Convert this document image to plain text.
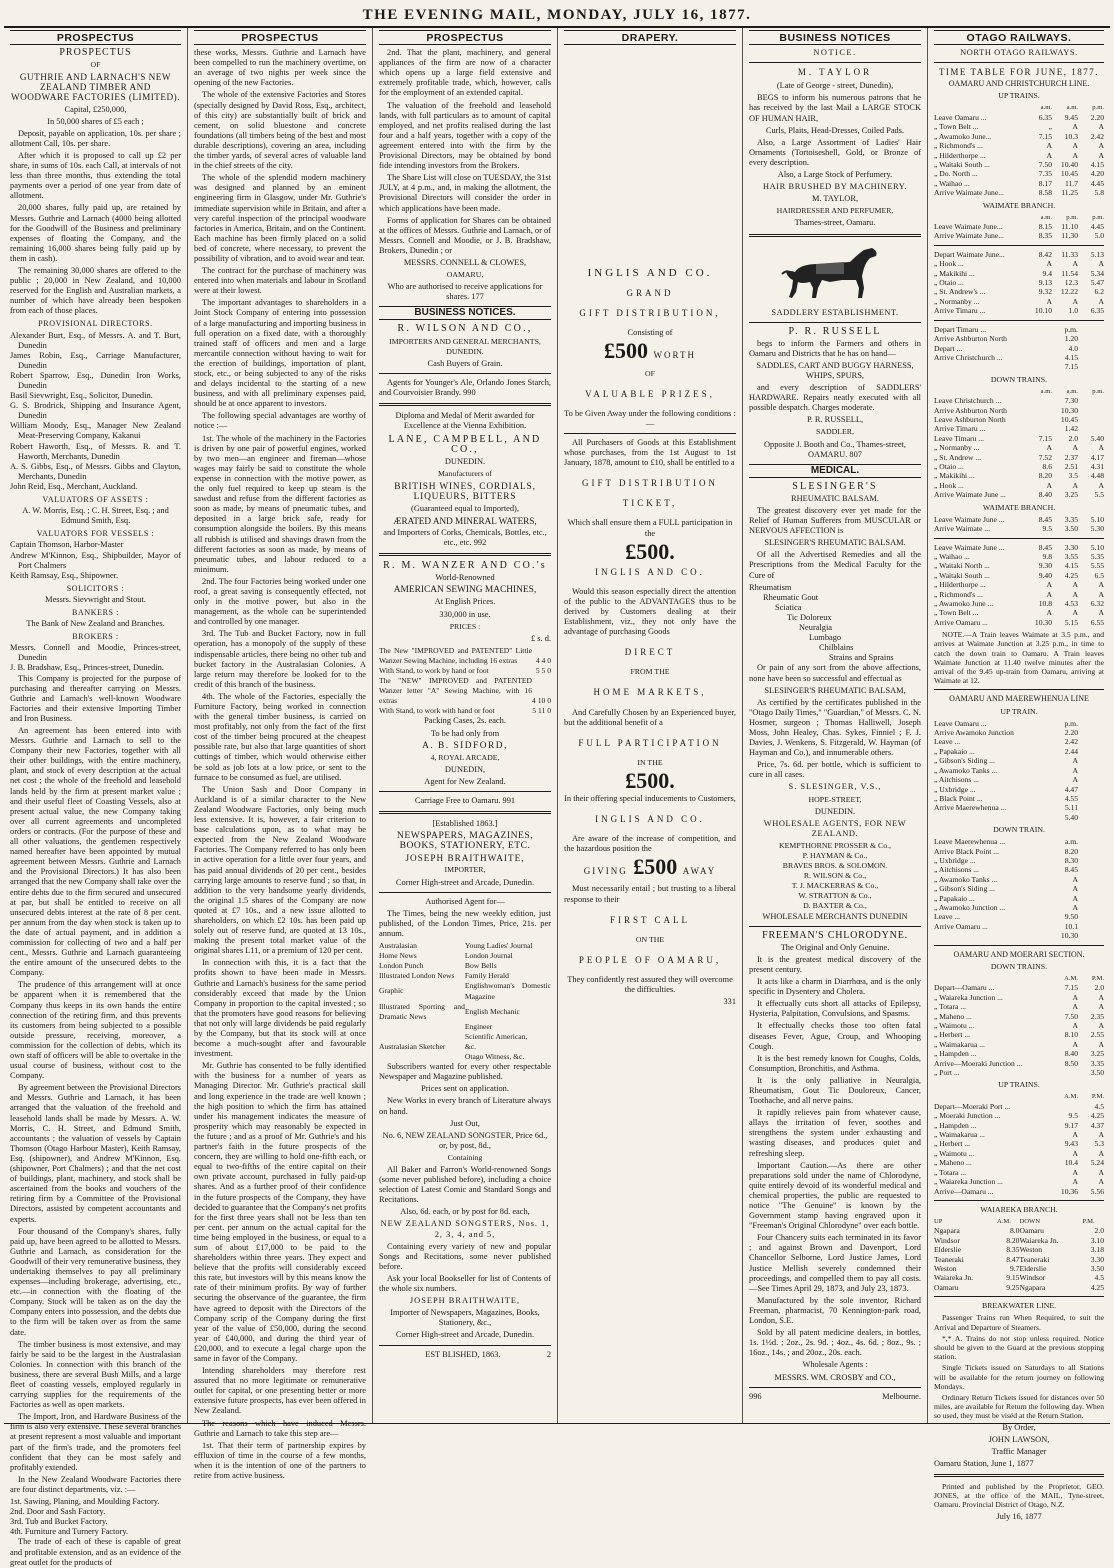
THE EVENING MAIL, MONDAY, JULY 16, 1877.
PROSPECTUS

PROSPECTUS

OF

GUTHRIE AND LARNACH'S NEW ZEALAND TIMBER AND WOODWARE FACTORIES (LIMITED).

Capital, £250,000,

In 50,000 shares of £5 each ;

Deposit, payable on application, 10s. per share ; allotment Call, 10s. per share.

After which it is proposed to call up £2 per share, in sums of 10s. each Call, at intervals of not less than three months, thus extending the total payments over a period of one year from date of allotment.

20,000 shares, fully paid up, are retained by Messrs. Guthrie and Larnach (4000 being allotted for the Goodwill of the Business and preliminary expenses of floating the Company, and the remaining 16,000 shares being fully paid up by them in cash).

The remaining 30,000 shares are offered to the public ; 20,000 in New Zealand, and 10,000 reserved for the English and Australian markets, a number of which have already been bespoken from each of those places.

PROVISIONAL DIRECTORS.

Alexander Burt, Esq., of Messrs. A. and T. Burt, Dunedin

James Robin, Esq., Carriage Manufacturer, Dunedin

Robert Sparrow, Esq., Dunedin Iron Works, Dunedin

Basil Sievwright, Esq., Solicitor, Dunedin.

G. S. Brodrick, Shipping and Insurance Agent, Dunedin

William Moody, Esq., Manager New Zealand Meat-Preserving Company, Kakanui

Robert Haworth, Esq., of Messrs. R. and T. Haworth, Merchants, Dunedin

A. S. Gibbs, Esq., of Messrs. Gibbs and Clayton, Merchants, Dunedin

John Reid, Esq., Merchant, Auckland.

VALUATORS OF ASSETS :

A. W. Morris, Esq. ; C. H. Street, Esq. ; and Edmund Smith, Esq.

VALUATORS FOR VESSELS :

Captain Thomson, Harbor-Master

Andrew M'Kinnon, Esq., Shipbuilder, Mayor of Port Chalmers

Keith Ramsay, Esq., Shipowner.

SOLICITORS :

Messrs. Sievwright and Stout.

BANKERS :

The Bank of New Zealand and Branches.

BROKERS :

Messrs. Connell and Moodie, Princes-street, Dunedin

J. B. Bradshaw, Esq., Princes-street, Dunedin.

This Company is projected for the purpose of purchasing and thereafter carrying on Messrs. Guthrie and Larnach's well-known Woodware Factories and their extensive Importing Timber and Iron Business.

An agreement has been entered into with Messrs. Guthrie and Larnach to sell to the Company their new Factories, together with all their other buildings, with the entire machinery, plant, and stock of every description at the actual net cost ; the whole of the freehold and leasehold lands held by the firm at present market value ; and their useful fleet of Coasting Vessels, also at present actual value, the new Company taking over all current agreements and uncompleted orders or contracts. (For the purpose of these and all other valuations, the gentlemen respectively named hereafter have been appointed by mutual agreement between Messrs. Guthrie and Larnach and the Provisional Directors.) It has also been arranged that the new Company shall take over the entire debts due to the firm secured and unsecured at par, but shall be entitled to receive on all unsecured debts interest at the rate of 8 per cent. per annum from the day when stock is taken up to the date of actual payment, and in addition a commission for collecting of two and a half per cent., Messrs. Guthrie and Larnach guaranteeing the entire amount of the unsecured debts to the Company.

The prudence of this arrangement will at once be apparent when it is remembered that the Company thus keeps in its own hands the entire connection of the retiring firm, and thus prevents its customers from being subjected to a possible outside pressure, receiving, moreover, a commission for the collection of debts, which its own staff of officers will be able to overtake in the usual course of business, without cost to the Company.

By agreement between the Provisional Directors and Messrs. Guthrie and Larnach, it has been arranged that the valuation of the freehold and leasehold lands shall be made by Messrs. A. W. Morris, C. H. Street, and Edmund Smith, accountants ; the valuation of vessels by Captain Thomson (Otago Harbour Master), Keith Ramsay, Esq. (shipowner), and Andrew M'Kinnon, Esq. (shipowner, Port Chalmers) ; and that the net cost of buildings, plant, machinery, and stock shall be ascertained from the books and vouchers of the retiring firm by a Committee of the Provisional Directors, assisted by competent accountants and experts.

Four thousand of the Company's shares, fully paid up, have been agreed to be allotted to Messrs. Guthrie and Larnach, as consideration for the Goodwill of their very remunerative business, they undertaking themselves to pay all preliminary expenses—including brokerage, advertising, etc., etc.—in connection with the floating of the Company. Stock will be taken as on the day the Company enters into possession, and the debts due to the firm will be taken over as from the same date.

The timber business is most extensive, and may fairly be said to be the largest in the Australasian Colonies. In connection with this branch of the business, there are several Bush Mills, and a large fleet of coasting vessels, employed regularly in carrying supplies for the requirements of the Factories as well as open markets.

The Import, Iron, and Hardware Business of the firm is also very extensive. These several branches at present represent a most valuable and important part of the firm's trade, and the promoters feel confident that they can be most safely and profitably extended.

In the New Zealand Woodware Factories there are four distinct departments, viz. :—

1st. Sawing, Planing, and Moulding Factory.

2nd. Door and Sash Factory.

3rd. Tub and Bucket Factory.

4th. Furniture and Turnery Factory.

The trade of each of these is capable of great and profitable extension, and as an evidence of the great outlet for the products of

PROSPECTUS

these works, Messrs. Guthrie and Larnach have been compelled to run the machinery overtime, on an average of two nights per week since the opening of the new Factories.

The whole of the extensive Factories and Stores (specially designed by David Ross, Esq., architect, of this city) are substantially built of brick and cement, on solid bluestone and concrete foundations (all timbers being of the best and most durable descriptions), covering an area, including the timber yards, of several acres of valuable land in the chief streets of the city.

The whole of the splendid modern machinery was designed and planned by an eminent engineering firm in Glasgow, under Mr. Guthrie's immediate supervision while in Britain, and after a very careful inspection of the principal woodware factories in America, Britain, and on the Continent. Each machine has been firmly placed on a solid bed of concrete, where necessary, to prevent the possibility of vibration, and to avoid wear and tear.

The contract for the purchase of machinery was entered into when materials and labour in Scotland were at their lowest.

The important advantages to shareholders in a Joint Stock Company of entering into possession of a large manufacturing and importing business in full operation on a fixed date, with a thoroughly trained staff of officers and men and a large mercantile connection without having to wait for the erection of buildings, importation of plant, stock, etc., or being subjected to any of the risks and delays incidental to the starting of a new business, and with all preliminary expenses paid, should be at once apparent to investors.

The following special advantages are worthy of notice :—

1st. The whole of the machinery in the Factories is driven by one pair of powerful engines, worked by two men—an engineer and fireman—whose wages may fairly be said to constitute the whole expense in connection with the motive power, as the only fuel required to keep up steam is the sawdust and refuse from the different factories as soon as made, by means of pneumatic tubes, and deposited in a large brick safe, ready for consumption alongside the boilers. By this means all rubbish is utilised and shavings drawn from the different factories as soon as made, by means of pneumatic tubes, and labour reduced to a minimum.

2nd. The four Factories being worked under one roof, a great saving is consequently effected, not only in the motive power, but also in the management, as the whole can be superintended and controlled by one manager.

3rd. The Tub and Bucket Factory, now in full operation, has a monopoly of the supply of these indispensable articles, there being no other tub and bucket factory in the Australasian Colonies. A large return may therefore be looked for to the credit of this branch of the business.

4th. The whole of the Factories, especially the Furniture Factory, being worked in connection with the general timber business, is carried on most profitably, not only from the fact of the first cost of the timber being procured at the cheapest possible rate, but also that large quantities of short cuttings of timber, which would otherwise either be sold as job lots at a low price, or sent to the furnace to be consumed as fuel, are utilised.

The Union Sash and Door Company in Auckland is of a similar character to the New Zealand Woodware Factories, only being much less extensive. It is, however, a fair criterion to base calculations upon, as to what may be expected from the New Zealand Woodware Factories. The Company referred to has only been in active operation for a little over four years, and has paid annual dividends of 20 per cent., besides carrying large amounts to reserve fund ; so that, in addition to the very handsome yearly dividends, the original 1.5 shares of the Company are now quoted at £7 10s., and a new issue allotted to shareholders, on which £2 10s. has been paid up solely out of reserve fund, are quoted at 13 10s., making the present total market value of the original shares L11, or a premium of 120 per cent.

In connection with this, it is a fact that the profits shown to have been made in Messrs. Guthrie and Larnach's business for the same period considerably exceed that made by the Union Company in proportion to the capital invested ; so that the promoters have good reasons for believing that not only will large dividends be paid regularly by the Company, but that its stock will at once become a much-sought after and favourable investment.

Mr. Guthrie has consented to be fully identified with the business for a number of years as Managing Director. Mr. Guthrie's practical skill and long experience in the trade are well known ; the high position to which the firm has attained under his management indicates the measure of prosperity which may reasonably be expected in the future ; and as a proof of Mr. Guthrie's and his partner's faith in the future prospects of the concern, they are willing to hold one-fifth each, or equal to two-fifths of the entire capital on their own private account, purchased in fully paid-up shares. And as a further proof of their confidence in the future prospects of the Company, they have decided to guarantee that the Company's net profits for the first three years shall not be less than ten per cent. per annum on the actual capital for the time being employed in the business, or equal to a sum of about £17,000 to be paid to the shareholders within three years. They expect and believe that the profits will considerably exceed this rate, but investors will by this means know the rate of their minimum profits. By way of further securing the observance of the guarantee, the firm have agreed to deposit with the Directors of the Company scrip of the Company during the first year of the value of £50,000, during the second year of £40,000, and during the third year of £20,000, and to execute a legal charge upon the same in favor of the Company.

Intending shareholders may therefore rest assured that no more legitimate or remunerative outlet for capital, or one presenting better or more extensive future prospects, has ever been offered in New Zealand.

The reasons which have induced Messrs. Guthrie and Larnach to take this step are—

1st. That their term of partnership expires by effluxion of time in the course of a few months, when it is the intention of one of the partners to retire from active business.

PROSPECTUS

2nd. That the plant, machinery, and general appliances of the firm are now of a character which opens up a large field extensive and extremely profitable trade, which, however, calls for the employment of an extended capital.

The valuation of the freehold and leasehold lands, with full particulars as to amount of capital employed, and net profits realised during the last four and a half years, together with a copy of the agreement entered into with the firm by the Provisional Directors, may be obtained by bond fide intending investors from the Brokers.

The Share List will close on TUESDAY, the 31st JULY, at 4 p.m., and, in making the allotment, the Provisional Directors will consider the order in which applications have been made.

Forms of application for Shares can be obtained at the offices of Messrs. Guthrie and Larnach, or of Messrs. Connell and Moodie, or J. B. Bradshaw, Brokers, Dunedin ; or

MESSRS. CONNELL & CLOWES,

OAMARU,

Who are authorised to receive applications for shares. 177

BUSINESS NOTICES.

R. WILSON AND CO.,

IMPORTERS AND GENERAL MERCHANTS, DUNEDIN.

Cash Buyers of Grain.

Agents for Younger's Ale, Orlando Jones Starch, and Courvoisier Brandy. 990

Diploma and Medal of Merit awarded for Excellence at the Vienna Exhibition.

LANE, CAMPBELL, AND CO.,

DUNEDIN.

Manufacturers of

BRITISH WINES, CORDIALS, LIQUEURS, BITTERS

(Guaranteed equal to Imported),

ÆRATED AND MINERAL WATERS,

and Importers of Corks, Chemicals, Bottles, etc., etc., etc. 992

R. M. WANZER AND CO.'s

World-Renowned

AMERICAN SEWING MACHINES,

At English Prices.

330,000 in use.

PRICES :

£ s. d.

The New "IMPROVED and PATENTED" Little Wanzer Sewing Machine, including 16 extras	4 4 0
With Stand, to work by hand or foot	5 5 0
The "NEW" IMPROVED and PATENTED Wanzer letter "A" Sewing Machine, with 16 extras	4 10 0
With Stand, to work with hand or foot	5 11 0

Packing Cases, 2s. each.

To be had only from

A. B. SIDFORD,

4, ROYAL ARCADE,

DUNEDIN,

Agent for New Zealand.

Carriage Free to Oamaru. 991

[Established 1863.]

NEWSPAPERS, MAGAZINES, BOOKS, STATIONERY, ETC.

JOSEPH BRAITHWAITE,

IMPORTER,

Corner High-street and Arcade, Dunedin.

Authorised Agent for—

The Times, being the new weekly edition, just published, of the London Times, Price, 21s. per annum.

Australasian	Young Ladies' Journal
Home News	London Journal
London Punch	Bow Bells
Illustrated London News	Family Herald
Graphic	Englishwoman's Domestic Magazine
Illustrated Sporting and Dramatic News	English Mechanic
	Engineer
	Scientific American,
Australasian Sketcher	&c.
	Otago Witness, &c.

Subscribers wanted for every other respectable Newspaper and Magazine published.

Prices sent on application.

New Works in every branch of Literature always on hand.

Just Out,

No. 6, NEW ZEALAND SONGSTER, Price 6d., or, by post, 8d.,

Containing

All Baker and Farron's World-renowned Songs (some never published before), including a choice selection of Latest Comic and Standard Songs and Recitations.

Also, 6d. each, or by post for 8d. each,

NEW ZEALAND SONGSTERS, Nos. 1, 2, 3, 4, and 5,

Containing every variety of new and popular Songs and Recitations, some never published before.

Ask your local Bookseller for list of Contents of the whole six numbers.

JOSEPH BRAITHWAITE,

Importer of Newspapers, Magazines, Books, Stationery, &c.,

Corner High-street and Arcade, Dunedin.

EST BLISHED, 1863.	2

DRAPERY.

INGLIS AND CO.

GRAND

GIFT DISTRIBUTION,

Consisting of

£500 WORTH

OF

VALUABLE PRIZES,

To be Given Away under the following conditions :—

All Purchasers of Goods at this Establishment whose purchases, from the 1st August to 1st January, 1878, amount to £10, shall be entitled to a

GIFT DISTRIBUTION

TICKET,

Which shall ensure them a FULL participation in the

£500.

INGLIS AND CO.

Would this season especially direct the attention of the public to the ADVANTAGES thus to be derived by Customers dealing at their Establishment, viz., they not only have the advantage of purchasing Goods

DIRECT

FROM THE

HOME MARKETS,

And Carefully Chosen by an Experienced buyer, but the additional benefit of a

FULL PARTICIPATION

IN THE

£500.

In their offering special inducements to Customers,

INGLIS AND CO.

Are aware of the increase of competition, and the hazardous position the

GIVING £500 AWAY

Must necessarily entail ; but trusting to a liberal response to their

FIRST CALL

ON THE

PEOPLE OF OAMARU,

They confidently rest assured they will overcome the difficulties.

331

BUSINESS NOTICES

NOTICE.

M. TAYLOR

(Late of George - street, Dunedin),

BEGS to inform his numerous patrons that he has received by the last Mail a LARGE STOCK OF HUMAN HAIR,

Curls, Plaits, Head-Dresses, Coiled Pads.

Also, a Large Assortment of Ladies' Hair Ornaments (Tortoiseshell, Gold, or Bronze of every description.

Also, a Large Stock of Perfumery.

HAIR BRUSHED BY MACHINERY.

M. TAYLOR,

HAIRDRESSER AND PERFUMER,

Thames-street, Oamaru.

SADDLERY ESTABLISHMENT.

P. R. RUSSELL

begs to inform the Farmers and others in Oamaru and Districts that he has on hand—

SADDLES, CART AND BUGGY HARNESS, WHIPS, SPURS,

and every description of SADDLERS' HARDWARE. Repairs neatly executed with all possible despatch. Charges moderate.

P. R. RUSSELL,

SADDLER,

Opposite J. Booth and Co., Thames-street, OAMARU. 807

MEDICAL.

SLESINGER'S

RHEUMATIC BALSAM.

The greatest discovery ever yet made for the Relief of Human Sufferers from MUSCULAR or NERVOUS AFFECTION is

SLESINGER'S RHEUMATIC BALSAM.

Of all the Advertised Remedies and all the Prescriptions from the Medical Faculty for the Cure of

Rheumatism

Rheumatic Gout

Sciatica

Tic Doloreux

Neuralgia

Lumbago

Chilblains

Strains and Sprains

Or pain of any sort from the above affections, none have been so successful and effectual as

SLESINGER'S RHEUMATIC BALSAM,

As certified by the certificates published in the "Otago Daily Times," "Guardian," of Messrs. C. N. Hosmer, surgeon ; Thomas Halliwell, Joseph Moss, John Healey, Chas. Sykes, Finniel ; F. J. Davies, J. Wenkens, S. Fitzgerald, W. Hayman (of Hayman and Co.), and innumerable others.

Price, 7s. 6d. per bottle, which is sufficient to cure in all cases.

S. SLESINGER, V.S.,

HOPE-STREET,

DUNEDIN.

WHOLESALE AGENTS, FOR NEW ZEALAND.

KEMPTHORNE PROSSER & Co.,

P. HAYMAN & Co.,

BRAVES BROS. & SOLOMON.

R. WILSON & Co.,

T. J. MACKERRAS & Co.,

W. STRATTON & Co.,

D. BAXTER & Co.,

WHOLESALE MERCHANTS DUNEDIN

FREEMAN'S CHLORODYNE.

The Original and Only Genuine.

It is the greatest medical discovery of the present century.

It acts like a charm in Diarrhœa, and is the only specific in Dysentery and Cholera.

It effectually cuts short all attacks of Epilepsy, Hysteria, Palpitation, Convulsions, and Spasms.

It effectually checks those too often fatal diseases Fever, Ague, Croup, and Whooping Cough.

It is the best remedy known for Coughs, Colds, Consumption, Bronchitis, and Asthma.

It is the only palliative in Neuralgia, Rheumatism, Gout Tic Douloreux, Cancer, Toothache, and all nerve pains.

It rapidly relieves pain from whatever cause, allays the irritation of fever, soothes and strengthens the system under exhausting and wasting diseases, and produces quiet and refreshing sleep.

Important Caution.—As there are other preparations sold under the name of Chlorodyne, quite entirely devoid of its wonderful medical and chemical properties, the public are requested to notice "The Genuine" is known by the Government stamp having engraved upon it "Freeman's Original Chlorodyne" over each bottle.

Four Chancery suits each terminated in its favor ; and against Brown and Davenport, Lord Chancellor Selborne, Lord Justice James, Lord Justice Mellish severely condemned their proceedings, and compelled them to pay all costs.—See Times April 29, 1873, and July 23, 1873.

Manufactured by the sole inventor, Richard Freeman, pharmacist, 70 Kennington-park road, London, S.E.

Sold by all patent medicine dealers, in bottles, 1s. 1½d. ; 2oz., 2s. 9d. ; 4oz., 4s. 6d. ; 8oz., 9s. ; 16oz., 14s. ; and 20oz., 20s. each.

Wholesale Agents :

MESSRS. WM. CROSBY and CO.,

996	Melbourne.

OTAGO RAILWAYS.

NORTH OTAGO RAILWAYS.

TIME TABLE FOR JUNE, 1877.

OAMARU AND CHRISTCHURCH LINE.

UP TRAINS.

	a.m.	a.m.	p.m.
Leave Oamaru ...	6.35	9.45	2.20
„ Town Belt ...	„	A	A
„ Awamoko June...	7.15	10.3	2.42
„ Richmond's ...	A	A	A
„ Hilderthorpe ...	A	A	A
„ Waitaki South ...	7.50	10.40	4.15
„ Do. North ...	7.35	10.45	4.20
„ Waihao ...	8.17	11.7	4.45
Arrive Waimate June...	8.58	11.25	5.8

WAIMATE BRANCH.

	a.m.	p.m.	p.m.
Leave Waimate June...	8.15	11.10	4.45
Arrive Waimate June...	8.35	11.30	5.0
Depart Waimate June...	8.42	11.33	5.13
„ Hook ...	A	A	A
„ Makikihi ...	9.4	11.54	5.34
„ Otaio ...	9.13	12.3	5.47
„ St. Andrew's ...	9.32	12.22	6.2
„ Normanby ...	A	A	A
Arrive Timaru ...	10.10	1.0	6.35
Depart Timaru ...		p.m.	
Arrive Ashburton North		1.20	
Depart ...		4.0	
Arrive Christchurch ...		4.15	
		7.15	

DOWN TRAINS.

	a.m.	a.m.	p.m.
Leave Christchurch ...		7.30	
Arrive Ashburton North		10.30	
Leave Ashburton North		10.45	
Arrive Timaru ...		1.42	
Leave Timaru ...	7.15	2.0	5.40
„ Normanby ...	A	A	A
„ St. Andrew ...	7.52	2.37	4.17
„ Otaio ...	8.6	2.51	4.31
„ Makikihi ...	8.20	3.5	4.48
„ Hook ...	A	A	A
Arrive Waimate June ...	8.40	3.25	5.5

WAIMATE BRANCH.

Leave Waimate June ...	8.45	3.35	5.10
Arrive Waimate ...	9.5	3.50	5.30
Leave Waimate June ...	8.45	3.30	5.10
„ Waihao ...	9.8	3.55	5.35
„ Waitaki North ...	9.30	4.15	5.55
„ Waitaki South ...	9.40	4.25	6.5
„ Hilderthorpe ...	A	A	A
„ Richmond's ...	A	A	A
„ Awamoko June ...	10.8	4.53	6.32
„ Town Belt ...	A	A	A
Arrive Oamaru ...	10.30	5.15	6.55

NOTE.—A Train leaves Waimate at 3.5 p.m., and arrives at Waimate Junction at 3.25 p.m., in time to catch the down train to Oamaru. A Train leaves Waimate Junction at 11.40 twelve minutes after the arrival of the 9.45 up-train from Oamaru, arriving at Waimate at 12.

OAMARU AND MAEREWHENUA LINE

UP TRAIN.

Leave Oamaru ...		p.m.	
Arrive Awamoko Junction		2.20	
Leave ...		2.42	
„ Papakaio ...		2.44	
„ Gibson's Siding ...		A	
„ Awamoko Tanks ...		A	
„ Aitchisons ...		A	
„ Uxbridge ...		4.47	
„ Black Point ...		4.55	
Arrive Maerewhenua ...		5.11	
		5.40	

DOWN TRAIN.

Leave Maerewhenua ...		a.m.	
Arrive Black Point ...		8.20	
„ Uxbridge ...		8.30	
„ Aitchisons ...		8.45	
„ Awamoko Tanks ...		A	
„ Gibson's Siding ...		A	
„ Papakaio ...		A	
„ Awamoko Junction ...		A	
Leave ...		9.50	
Arrive Oamaru ...		10.1	
		10.30	

OAMARU AND MOERARI SECTION.

DOWN TRAINS.

	A.M.	P.M.
Depart—Oamaru ...	7.15	2.0
„ Waiareka Junction ...	A	A
„ Totara ...	A	A
„ Maheno ...	7.50	2.35
„ Waimotu ...	A	A
„ Herbert ...	8.10	2.55
„ Waimakarua ...	A	A
„ Hampden ...	8.40	3.25
Arrive—Moeraki Junction ...	8.50	3.35
„ Port ...		3.50

UP TRAINS.

	A.M.	P.M.
Depart—Moeraki Port ...		4.5
„ Moeraki Junction ...	9.5	4.25
„ Hampden ...	9.17	4.37
„ Waimakarua ...	A	A
„ Herbert ...	9.43	5.3
„ Waimotu ...	A	A
„ Maheno ...	10.4	5.24
„ Totara ...	A	A
„ Waiareka Junction ...	A	A
Arrive—Oamaru ...	10.36	5.56

WAIAREKA BRANCH.

UP	A.M.	DOWN	P.M.
Ngapara	8.0	Oamaru	2.0
Windsor	8.20	Waiareka Jn.	3.10
Elderslie	8.35	Weston	3.18
Teaneraki	8.47	Teaneraki	3.30
Weston	9.7	Elderslie	3.50
Waiareka Jn.	9.15	Windsor	4.5
Oamaru	9.25	Ngapara	4.25

BREAKWATER LINE.

Passenger Trains run When Required, to suit the Arrival and Departure of Steamers.

*,* A. Trains do not stop unless required. Notice should be given to the Guard at the previous stopping station.

Single Tickets issued on Saturdays to all Stations will be available for the return journey on following Mondays.

Ordinary Return Tickets issued for distances over 50 miles, are available for Return the following day. When so used, they must be viséd at the Return Station.

By Order,

JOHN LAWSON,

Traffic Manager

Oamaru Station, June 1, 1877

Printed and published by the Proprietor, GEO. JONES, at the office of the MAIL, Tyne-street, Oamaru. Provincial District of Otago, N.Z.

July 16, 1877
